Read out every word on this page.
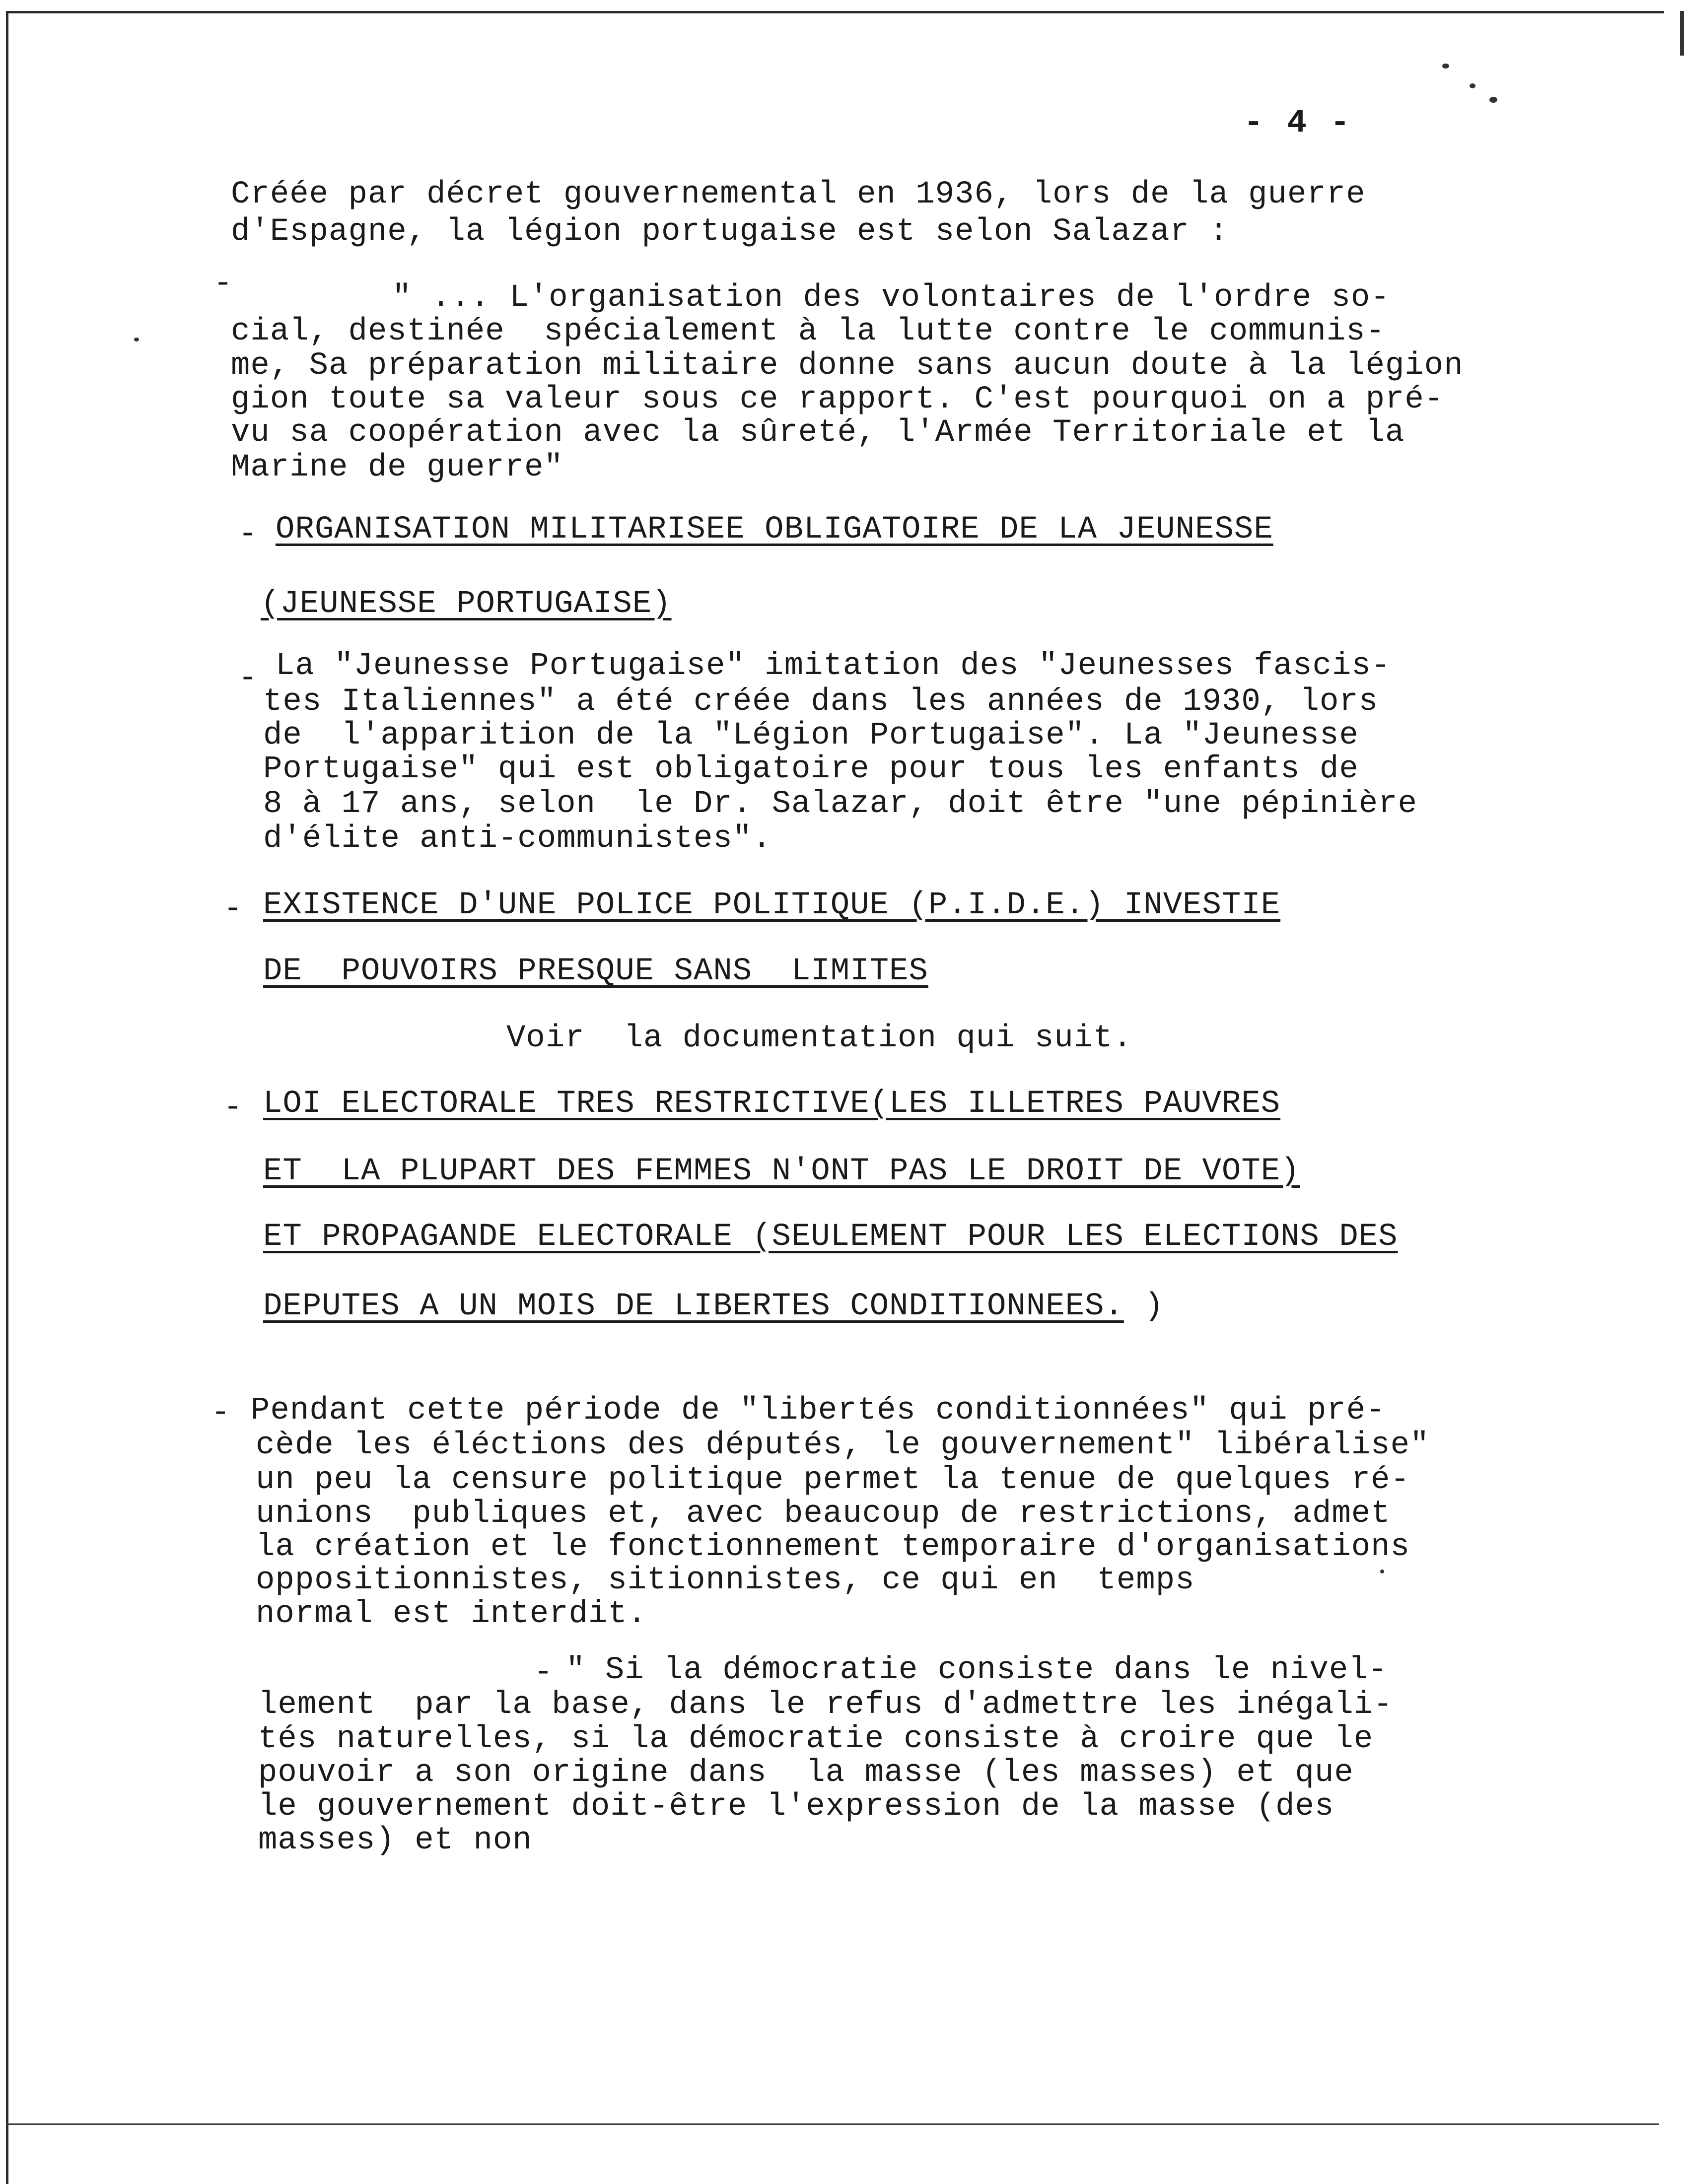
- 4 -
Créée par décret gouvernemental en 1936, lors de la guerre
d'Espagne, la légion portugaise est selon Salazar :
-	" ... L'organisation des volontaires de l'ordre so-
cial, destinée  spécialement à la lutte contre le communis-
me, Sa préparation militaire donne sans aucun doute à la légion
gion toute sa valeur sous ce rapport. C'est pourquoi on a pré-
vu sa coopération avec la sûreté, l'Armée Territoriale et la
Marine de guerre"
- ORGANISATION MILITARISEE OBLIGATOIRE DE LA JEUNESSE
(JEUNESSE PORTUGAISE)
- La "Jeunesse Portugaise" imitation des "Jeunesses fascis-
tes Italiennes" a été créée dans les années de 1930, lors
de  l'apparition de la "Légion Portugaise". La "Jeunesse
Portugaise" qui est obligatoire pour tous les enfants de
8 à 17 ans, selon  le Dr. Salazar, doit être "une pépinière
d'élite anti-communistes".
- EXISTENCE D'UNE POLICE POLITIQUE (P.I.D.E.) INVESTIE
DE  POUVOIRS PRESQUE SANS  LIMITES
Voir  la documentation qui suit.
- LOI ELECTORALE TRES RESTRICTIVE(LES ILLETRES PAUVRES
ET  LA PLUPART DES FEMMES N'ONT PAS LE DROIT DE VOTE)
ET PROPAGANDE ELECTORALE (SEULEMENT POUR LES ELECTIONS DES
DEPUTES A UN MOIS DE LIBERTES CONDITIONNEES. )
- Pendant cette période de "libertés conditionnées" qui pré-
cède les éléctions des députés, le gouvernement" libéralise"
un peu la censure politique permet la tenue de quelques ré-
unions  publiques et, avec beaucoup de restrictions, admet
la création et le fonctionnement temporaire d'organisations
oppositionnistes, sitionnistes, ce qui en  temps
normal est interdit.
- " Si la démocratie consiste dans le nivel-
lement  par la base, dans le refus d'admettre les inégali-
tés naturelles, si la démocratie consiste à croire que le
pouvoir a son origine dans  la masse (les masses) et que
le gouvernement doit-être l'expression de la masse (des
masses) et non
